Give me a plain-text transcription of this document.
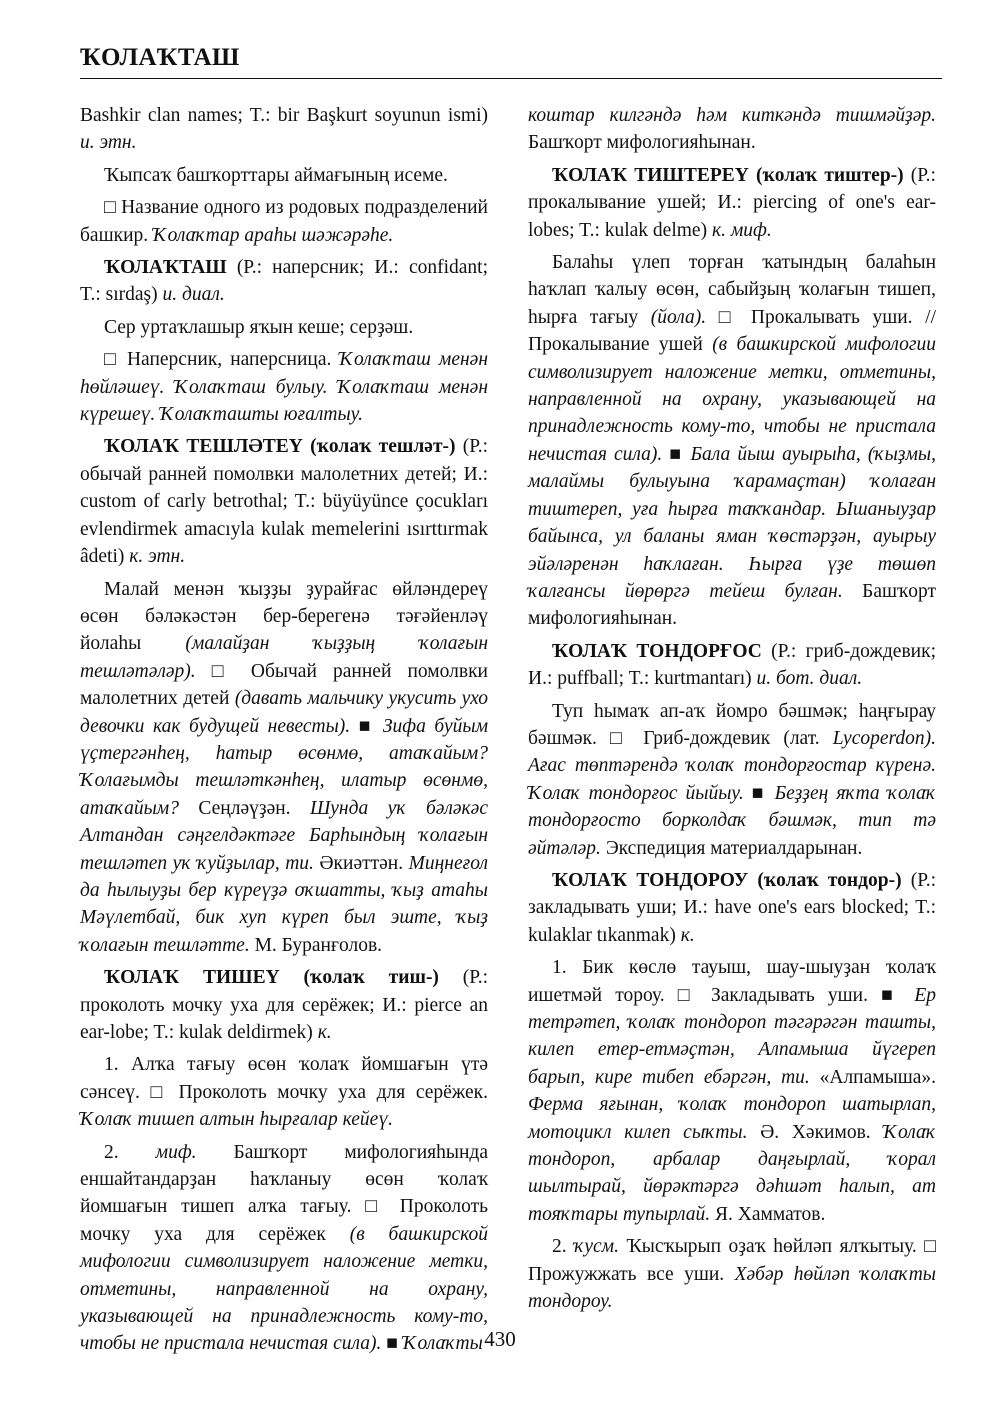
ҠОЛАҠТАШ

Bashkir clan names; T.: bir Başkurt soyunun ismi) и. этн.

Ҡыпсаҡ башҡорттары аймағының исеме.

□ Название одного из родовых подразделений башкир. Ҡолаҡтар араһы шәжәрәһе.

ҠОЛАҠТАШ (Р.: наперсник; И.: confidant; T.: sırdaş) и. диал.

Сер уртаҡлашыр яҡын кеше; серҙәш.

□ Наперсник, наперсница. Ҡолаҡташ менән һөйләшеү. Ҡолаҡташ булыу. Ҡолаҡташ менән күрешеү. Ҡолаҡташты юғалтыу.

ҠОЛАҠ ТЕШЛӘТЕҮ (ҡолаҡ тешләт-) (Р.: обычай ранней помолвки малолетних детей; И.: custom of carly betrothal; T.: büyüyünce çocukları evlendirmek amacıyla kulak memelerini ısırttırmak âdeti) к. этн.

Малай менән ҡыҙҙы ҙурайғас өйләндереү өсөн бәләкәстән бер-берегенә тәғәйенләү йолаһы (малайҙан ҡыҙҙың ҡолағын тешләтәләр). □ Обычай ранней помолвки малолетних детей (давать мальчику укусить ухо девочки как будущей невесты). ■ Зифа буйым үҫтергәнһең, һатыр өсөнмө, атаҡайым? Ҡолағымды тешләткәнһең, илатыр өсөнмө, атаҡайым? Сеңләүҙән. Шунда уҡ бәләкәс Алтандан сәңгелдәктәге Барһындың ҡолағын тешләтеп уҡ ҡуйҙылар, ти. Әкиәттән. Миңнеғол да һылыуҙы бер күреүҙә оҡшатты, ҡыҙ атаһы Мәүлетбай, бик хуп күреп был эште, ҡыҙ ҡолағын тешләтте. М. Буранғолов.

ҠОЛАҠ ТИШЕҮ (ҡолаҡ тиш-) (Р.: проколоть мочку уха для серёжек; И.: pierce an ear-lobe; T.: kulak deldirmek) к.

1. Алҡа тағыу өсөн ҡолаҡ йомшағын үтә сәнсеү. □ Проколоть мочку уха для серёжек. Ҡолаҡ тишеп алтын һырғалар кейеү.

2. миф. Башҡорт мифологияһында еншайтандарҙан һаҡланыу өсөн ҡолаҡ йомшағын тишеп алҡа тағыу. □ Проколоть мочку уха для серёжек (в башкирской мифологии символизирует наложение метки, отметины, направленной на охрану, указывающей на принадлежность кому-то, чтобы не пристала нечистая сила). ■ Ҡолаҡты

коштар килгәндә һәм киткәндә тишмәйҙәр. Башҡорт мифологияһынан.

ҠОЛАҠ ТИШТЕРЕҮ (ҡолаҡ тиштер-) (Р.: прокалывание ушей; И.: piercing of one's ear-lobes; T.: kulak delme) к. миф.

Балаһы үлеп торған ҡатындың балаһын һаҡлап ҡалыу өсөн, сабыйҙың ҡолағын тишеп, һырға тағыу (йола). □ Прокалывать уши. // Прокалывание ушей (в башкирской мифологии символизирует наложение метки, отметины, направленной на охрану, указывающей на принадлежность кому-то, чтобы не пристала нечистая сила). ■ Бала йыш ауырыһа, (ҡыҙмы, малаймы булыуына ҡарамаҫтан) ҡолаған тиштереп, уға һырға таҡҡандар. Ышаныуҙар байынса, ул баланы яман ҡөстәрҙән, ауырыу эйәләренән һаҡлаған. Һырға үҙе төшөп ҡалғансы йөрөргә тейеш булған. Башҡорт мифологияһынан.

ҠОЛАҠ ТОНДОРҒОС (Р.: гриб-дождевик; И.: puffball; T.: kurtmantarı) и. бот. диал.

Туп һымаҡ ап-аҡ йомро бәшмәк; һаңғырау бәшмәк. □ Гриб-дождевик (лат. Lycoperdon). Ағас төптәрендә ҡолаҡ тондорғостар күренә. Ҡолаҡ тондорғос йыйыу. ■ Беҙҙең яҡта ҡолаҡ тондорғосто борколдаҡ бәшмәк, тип тә әйтәләр. Экспедиция материалдарынан.

ҠОЛАҠ ТОНДОРОУ (ҡолаҡ тондор-) (Р.: закладывать уши; И.: have one's ears blocked; T.: kulaklar tıkanmak) к.

1. Бик көслө тауыш, шау-шыуҙан ҡолаҡ ишетмәй тороу. □ Закладывать уши. ■ Ер тетрәтеп, ҡолаҡ тондороп тәгәрәгән ташты, килеп етер-етмәҫтән, Алпамыша йүгереп барып, кире тибеп ебәргән, ти. «Алпамыша». Ферма яғынан, ҡолаҡ тондороп шатырлап, мотоцикл килеп сыҡты. Ә. Хәкимов. Ҡолаҡ тондороп, арбалар даңғырлай, ҡорал шылтырай, йөрәктәргә дәһшәт һалып, ат тояҡтары тупырлай. Я. Хамматов.

2. ҡусм. Ҡысҡырып оҙаҡ һөйләп ялҡытыу. □ Прожужжать все уши. Хәбәр һөйләп ҡолаҡты тондороу.

430
